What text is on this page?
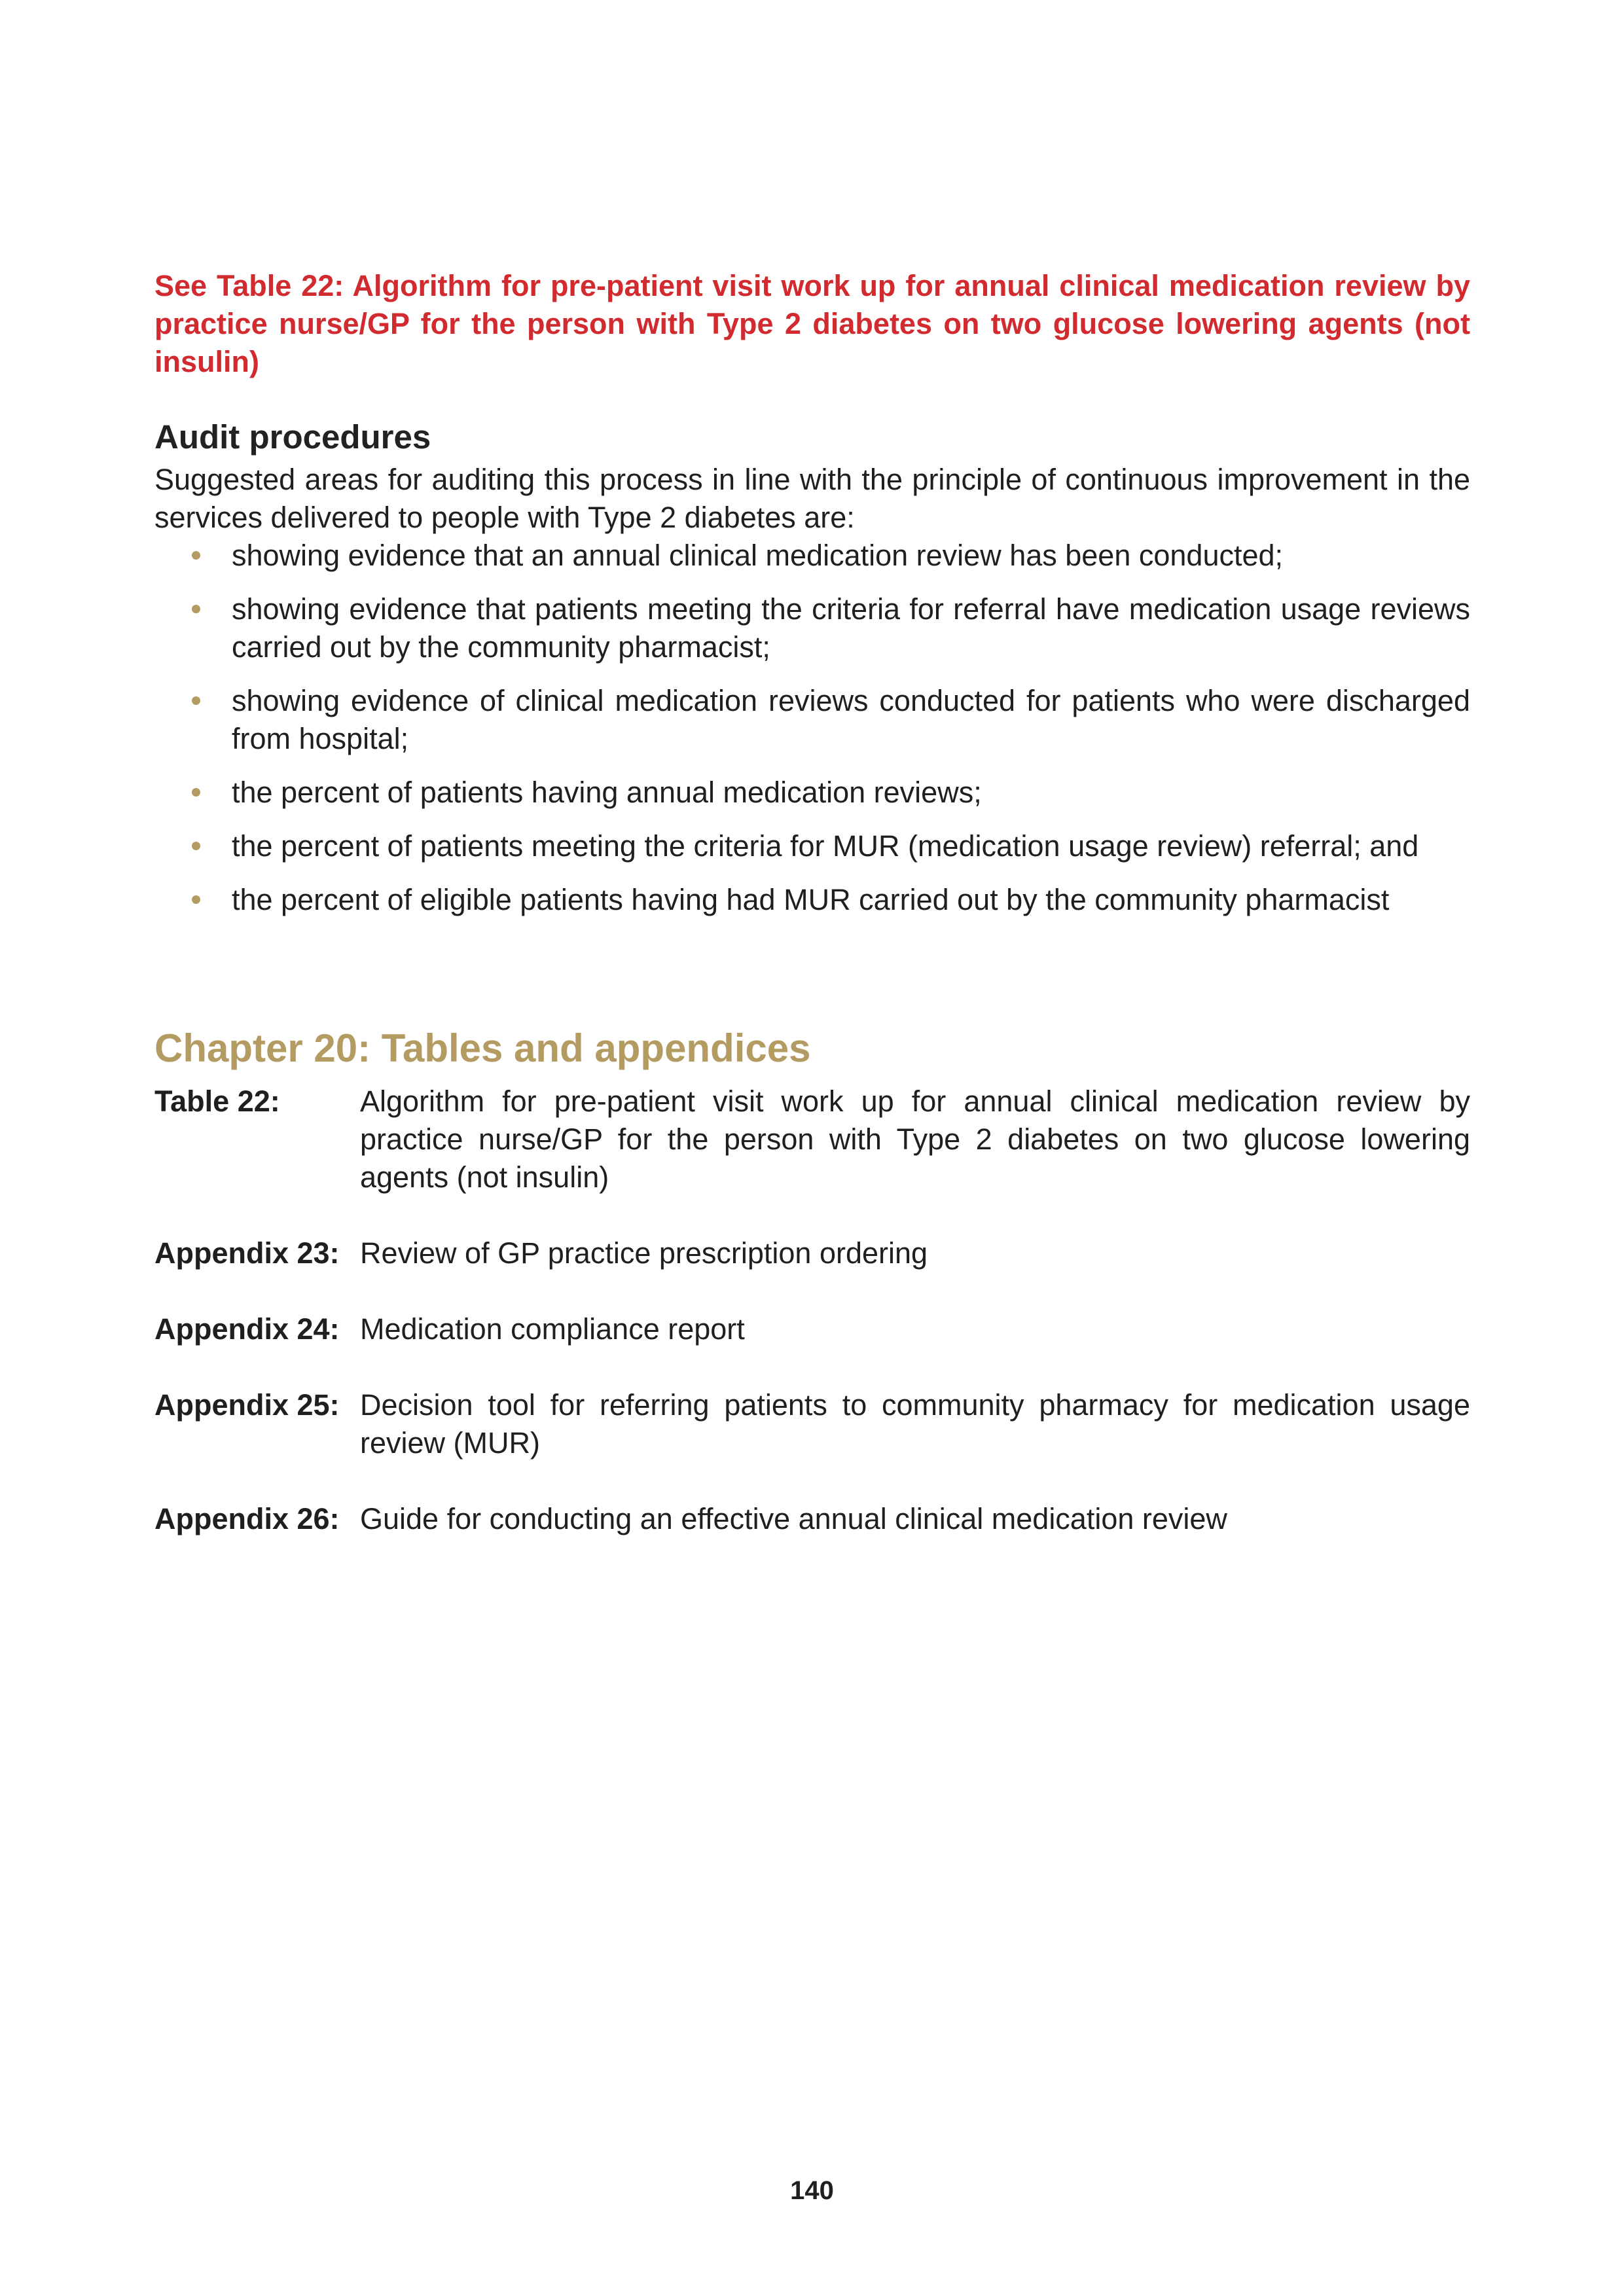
See Table 22: Algorithm for pre-patient visit work up for annual clinical medication review by practice nurse/GP for the person with Type 2 diabetes on two glucose lowering agents (not insulin)

Audit procedures

Suggested areas for auditing this process in line with the principle of continuous improvement in the services delivered to people with Type 2 diabetes are:

showing evidence that an annual clinical medication review has been conducted;
showing evidence that patients meeting the criteria for referral have medication usage reviews carried out by the community pharmacist;
showing evidence of clinical medication reviews conducted for patients who were discharged from hospital;
the percent of patients having annual medication reviews;
the percent of patients meeting the criteria for MUR (medication usage review) referral; and
the percent of eligible patients having had MUR carried out by the community pharmacist
Chapter 20: Tables and appendices
Table 22:	Algorithm for pre-patient visit work up for annual clinical medication review by practice nurse/GP for the person with Type 2 diabetes on two glucose lowering agents (not insulin)
Appendix 23: Review of GP practice prescription ordering
Appendix 24: Medication compliance report
Appendix 25: Decision tool for referring patients to community pharmacy for medication usage review (MUR)
Appendix 26: Guide for conducting an effective annual clinical medication review
140
